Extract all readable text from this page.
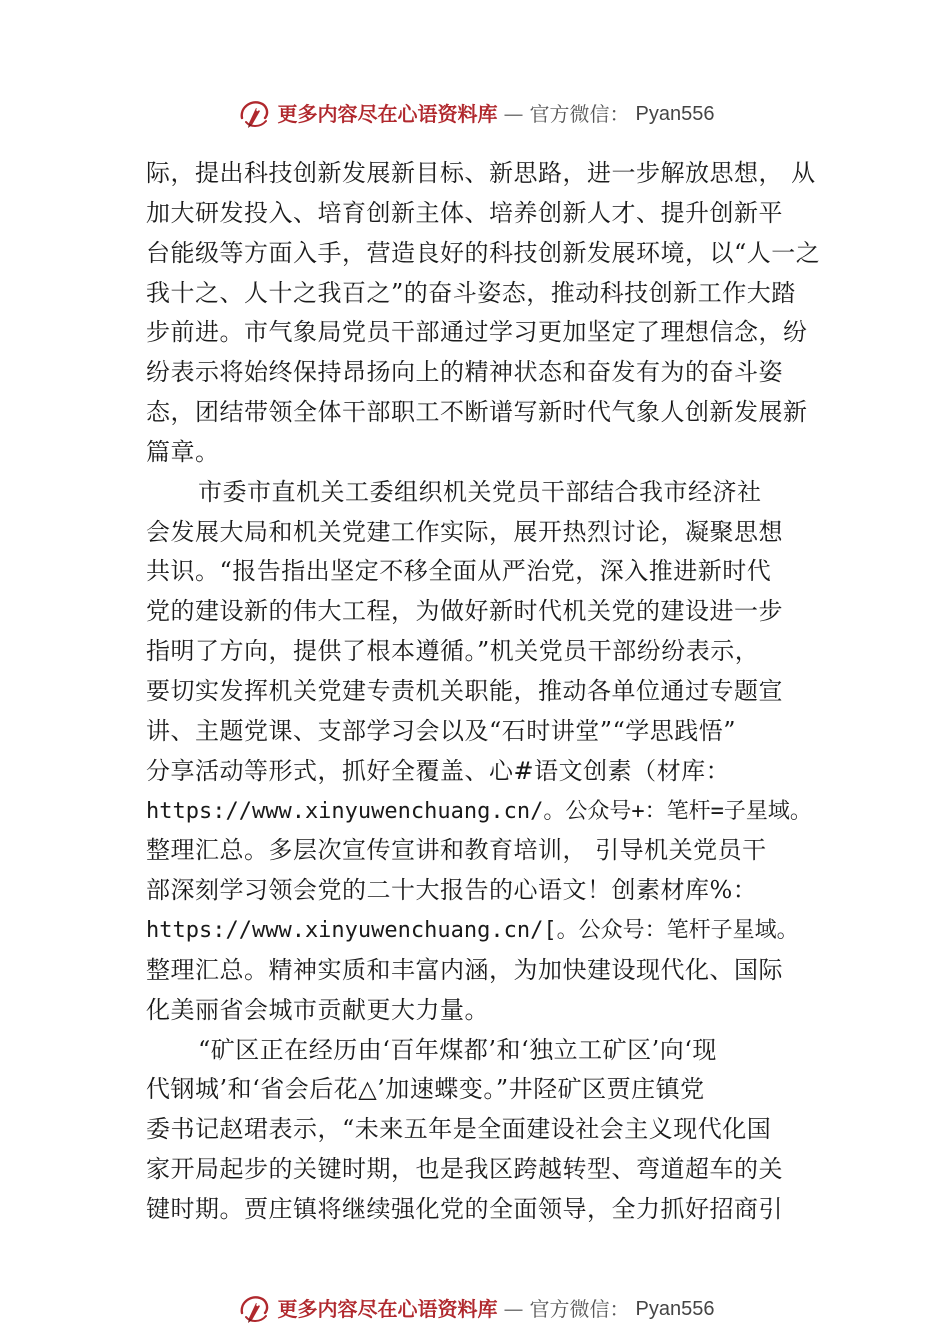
更多内容尽在心语资料库 — 官方微信： Pyan556
际，提出科技创新发展新目标、新思路，进一步解放思想， 从
加大研发投入、培育创新主体、培养创新人才、提升创新平
台能级等方面入手，营造良好的科技创新发展环境，以“人一之
我十之、人十之我百之”的奋斗姿态，推动科技创新工作大踏
步前进。市气象局党员干部通过学习更加坚定了理想信念，纷
纷表示将始终保持昂扬向上的精神状态和奋发有为的奋斗姿
态，团结带领全体干部职工不断谱写新时代气象人创新发展新
篇章。
市委市直机关工委组织机关党员干部结合我市经济社
会发展大局和机关党建工作实际，展开热烈讨论，凝聚思想
共识。“报告指出坚定不移全面从严治党，深入推进新时代
党的建设新的伟大工程，为做好新时代机关党的建设进一步
指明了方向，提供了根本遵循。”机关党员干部纷纷表示，
要切实发挥机关党建专责机关职能，推动各单位通过专题宣
讲、主题党课、支部学习会以及“石时讲堂”“学思践悟”
分享活动等形式，抓好全覆盖、心#语文创素（材库：
https://www.xinyuwenchuang.cn/。公众号+：笔杆=子星域。
整理汇总。多层次宣传宣讲和教育培训， 引导机关党员干
部深刻学习领会党的二十大报告的心语文！创素材库%：
https://www.xinyuwenchuang.cn/[。公众号：笔杆子星域。
整理汇总。精神实质和丰富内涵，为加快建设现代化、国际
化美丽省会城市贡献更大力量。
“矿区正在经历由‘百年煤都’和‘独立工矿区’向‘现
代钢城’和‘省会后花△’加速蝶变。”井陉矿区贾庄镇党
委书记赵珺表示，“未来五年是全面建设社会主义现代化国
家开局起步的关键时期，也是我区跨越转型、弯道超车的关
键时期。贾庄镇将继续强化党的全面领导，全力抓好招商引
更多内容尽在心语资料库 — 官方微信： Pyan556
